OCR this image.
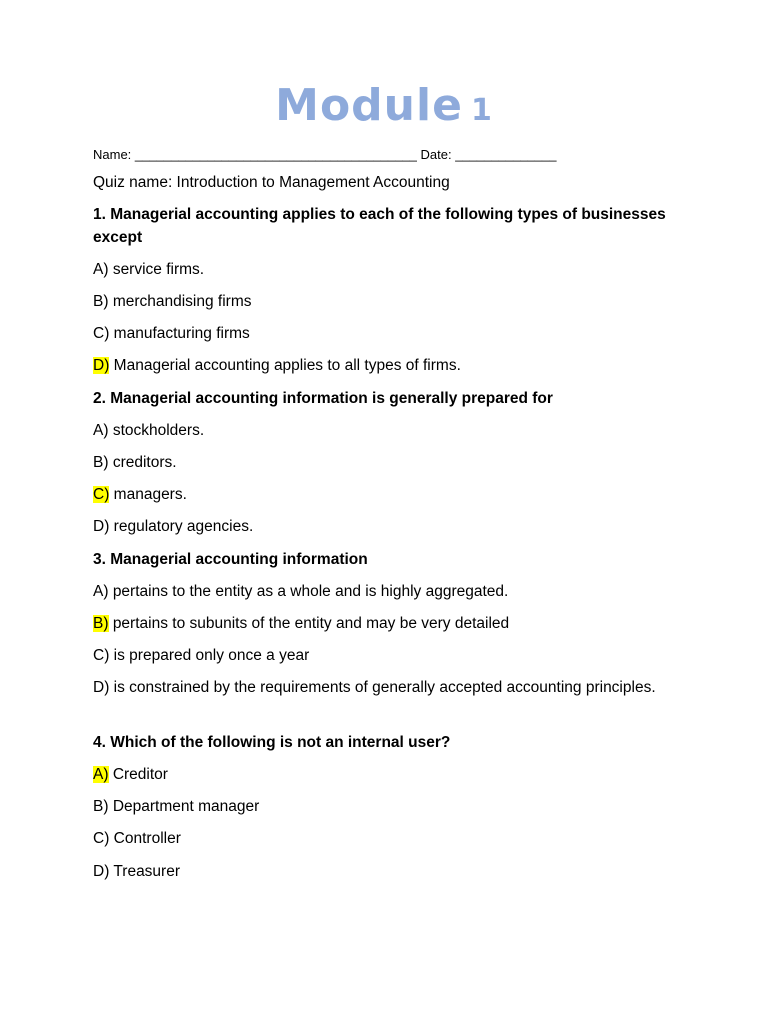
Module 1
Name: _______________________________________ Date: ______________
Quiz name: Introduction to Management Accounting
1. Managerial accounting applies to each of the following types of businesses except
A) service firms.
B) merchandising firms
C) manufacturing firms
D) Managerial accounting applies to all types of firms.
2. Managerial accounting information is generally prepared for
A) stockholders.
B) creditors.
C) managers.
D) regulatory agencies.
3. Managerial accounting information
A) pertains to the entity as a whole and is highly aggregated.
B) pertains to subunits of the entity and may be very detailed
C) is prepared only once a year
D) is constrained by the requirements of generally accepted accounting principles.
4. Which of the following is not an internal user?
A) Creditor
B) Department manager
C) Controller
D) Treasurer
